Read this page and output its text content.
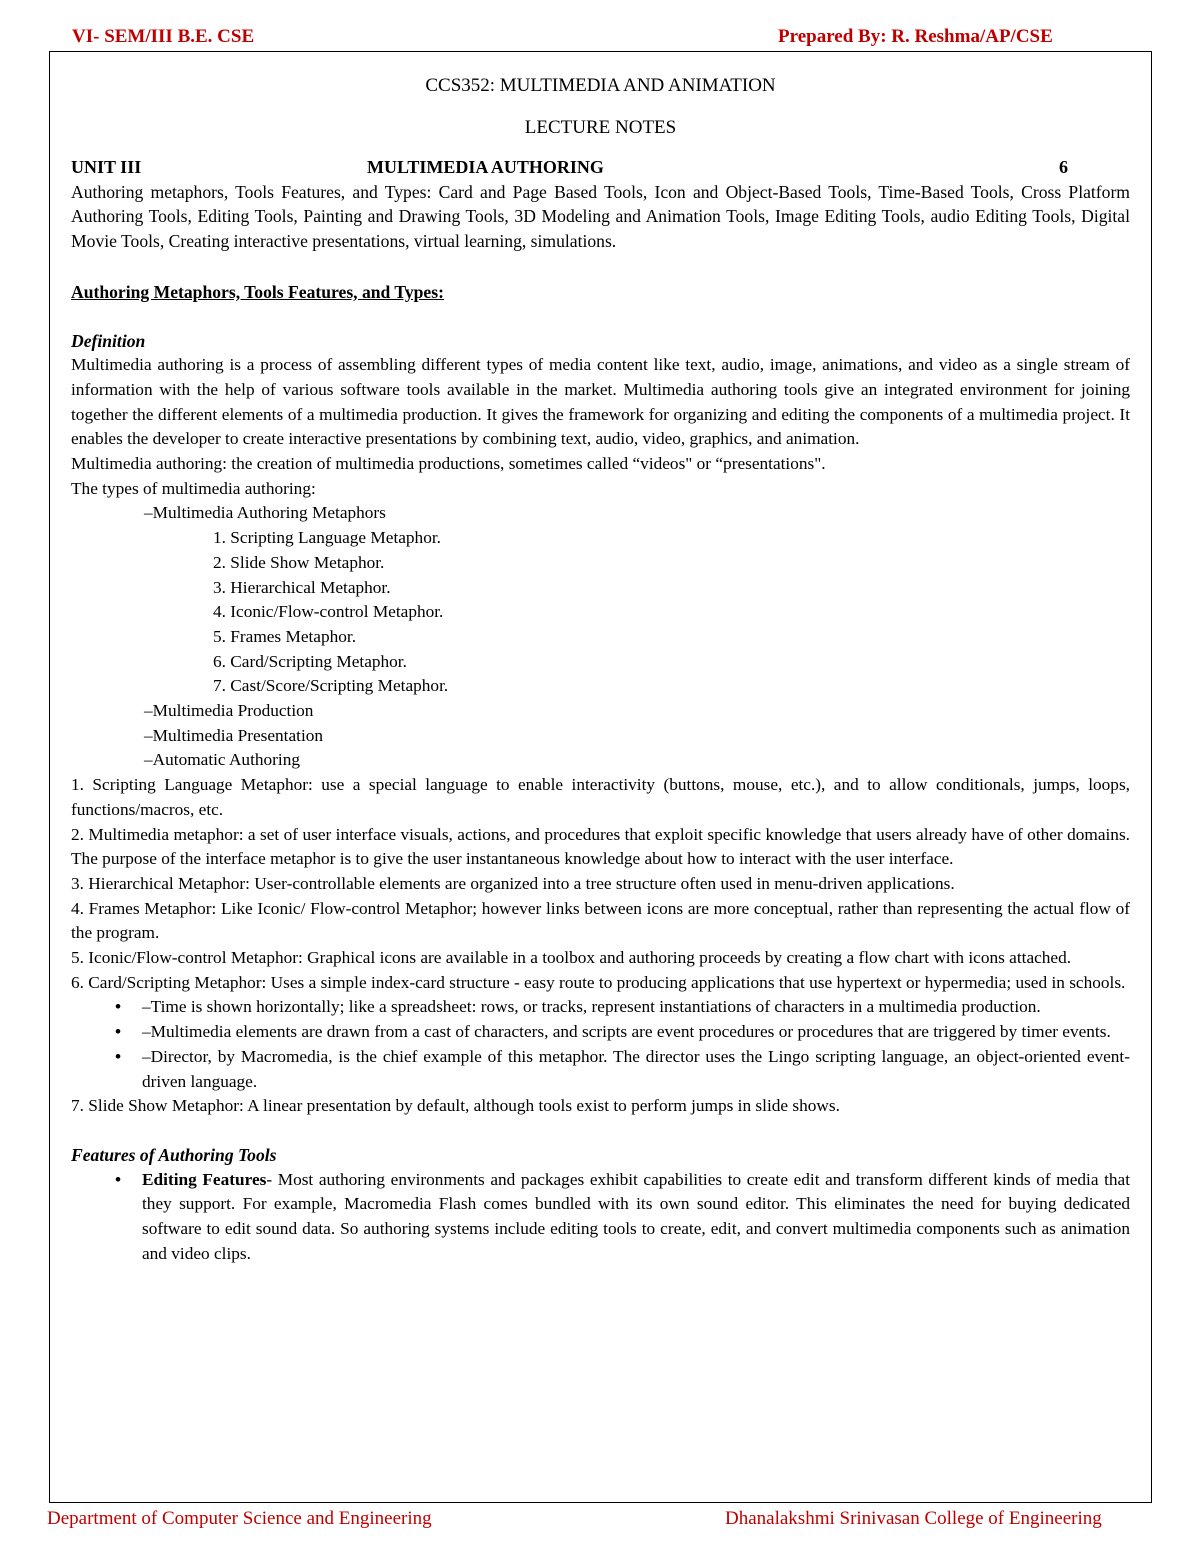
VI- SEM/III B.E. CSE	Prepared By: R. Reshma/AP/CSE
CCS352: MULTIMEDIA AND ANIMATION
LECTURE NOTES
UNIT III	MULTIMEDIA AUTHORING	6
Authoring metaphors, Tools Features, and Types: Card and Page Based Tools, Icon and Object-Based Tools, Time-Based Tools, Cross Platform Authoring Tools, Editing Tools, Painting and Drawing Tools, 3D Modeling and Animation Tools, Image Editing Tools, audio Editing Tools, Digital Movie Tools, Creating interactive presentations, virtual learning, simulations.
Authoring Metaphors, Tools Features, and Types:
Definition
Multimedia authoring is a process of assembling different types of media content like text, audio, image, animations, and video as a single stream of information with the help of various software tools available in the market. Multimedia authoring tools give an integrated environment for joining together the different elements of a multimedia production. It gives the framework for organizing and editing the components of a multimedia project. It enables the developer to create interactive presentations by combining text, audio, video, graphics, and animation.
Multimedia authoring: the creation of multimedia productions, sometimes called “videos" or “presentations".
The types of multimedia authoring:
–Multimedia Authoring Metaphors
1. Scripting Language Metaphor.
2. Slide Show Metaphor.
3. Hierarchical Metaphor.
4. Iconic/Flow-control Metaphor.
5. Frames Metaphor.
6. Card/Scripting Metaphor.
7. Cast/Score/Scripting Metaphor.
–Multimedia Production
–Multimedia Presentation
–Automatic Authoring
1. Scripting Language Metaphor: use a special language to enable interactivity (buttons, mouse, etc.), and to allow conditionals, jumps, loops, functions/macros, etc.
2. Multimedia metaphor: a set of user interface visuals, actions, and procedures that exploit specific knowledge that users already have of other domains. The purpose of the interface metaphor is to give the user instantaneous knowledge about how to interact with the user interface.
3. Hierarchical Metaphor: User-controllable elements are organized into a tree structure often used in menu-driven applications.
4. Frames Metaphor: Like Iconic/ Flow-control Metaphor; however links between icons are more conceptual, rather than representing the actual flow of the program.
5. Iconic/Flow-control Metaphor: Graphical icons are available in a toolbox and authoring proceeds by creating a flow chart with icons attached.
6. Card/Scripting Metaphor: Uses a simple index-card structure - easy route to producing applications that use hypertext or hypermedia; used in schools.
• –Time is shown horizontally; like a spreadsheet: rows, or tracks, represent instantiations of characters in a multimedia production.
• –Multimedia elements are drawn from a cast of characters, and scripts are event procedures or procedures that are triggered by timer events.
• –Director, by Macromedia, is the chief example of this metaphor. The director uses the Lingo scripting language, an object-oriented event-driven language.
7. Slide Show Metaphor: A linear presentation by default, although tools exist to perform jumps in slide shows.
Features of Authoring Tools
• Editing Features- Most authoring environments and packages exhibit capabilities to create edit and transform different kinds of media that they support. For example, Macromedia Flash comes bundled with its own sound editor. This eliminates the need for buying dedicated software to edit sound data. So authoring systems include editing tools to create, edit, and convert multimedia components such as animation and video clips.
Department of Computer Science and Engineering	Dhanalakshmi Srinivasan College of Engineering
